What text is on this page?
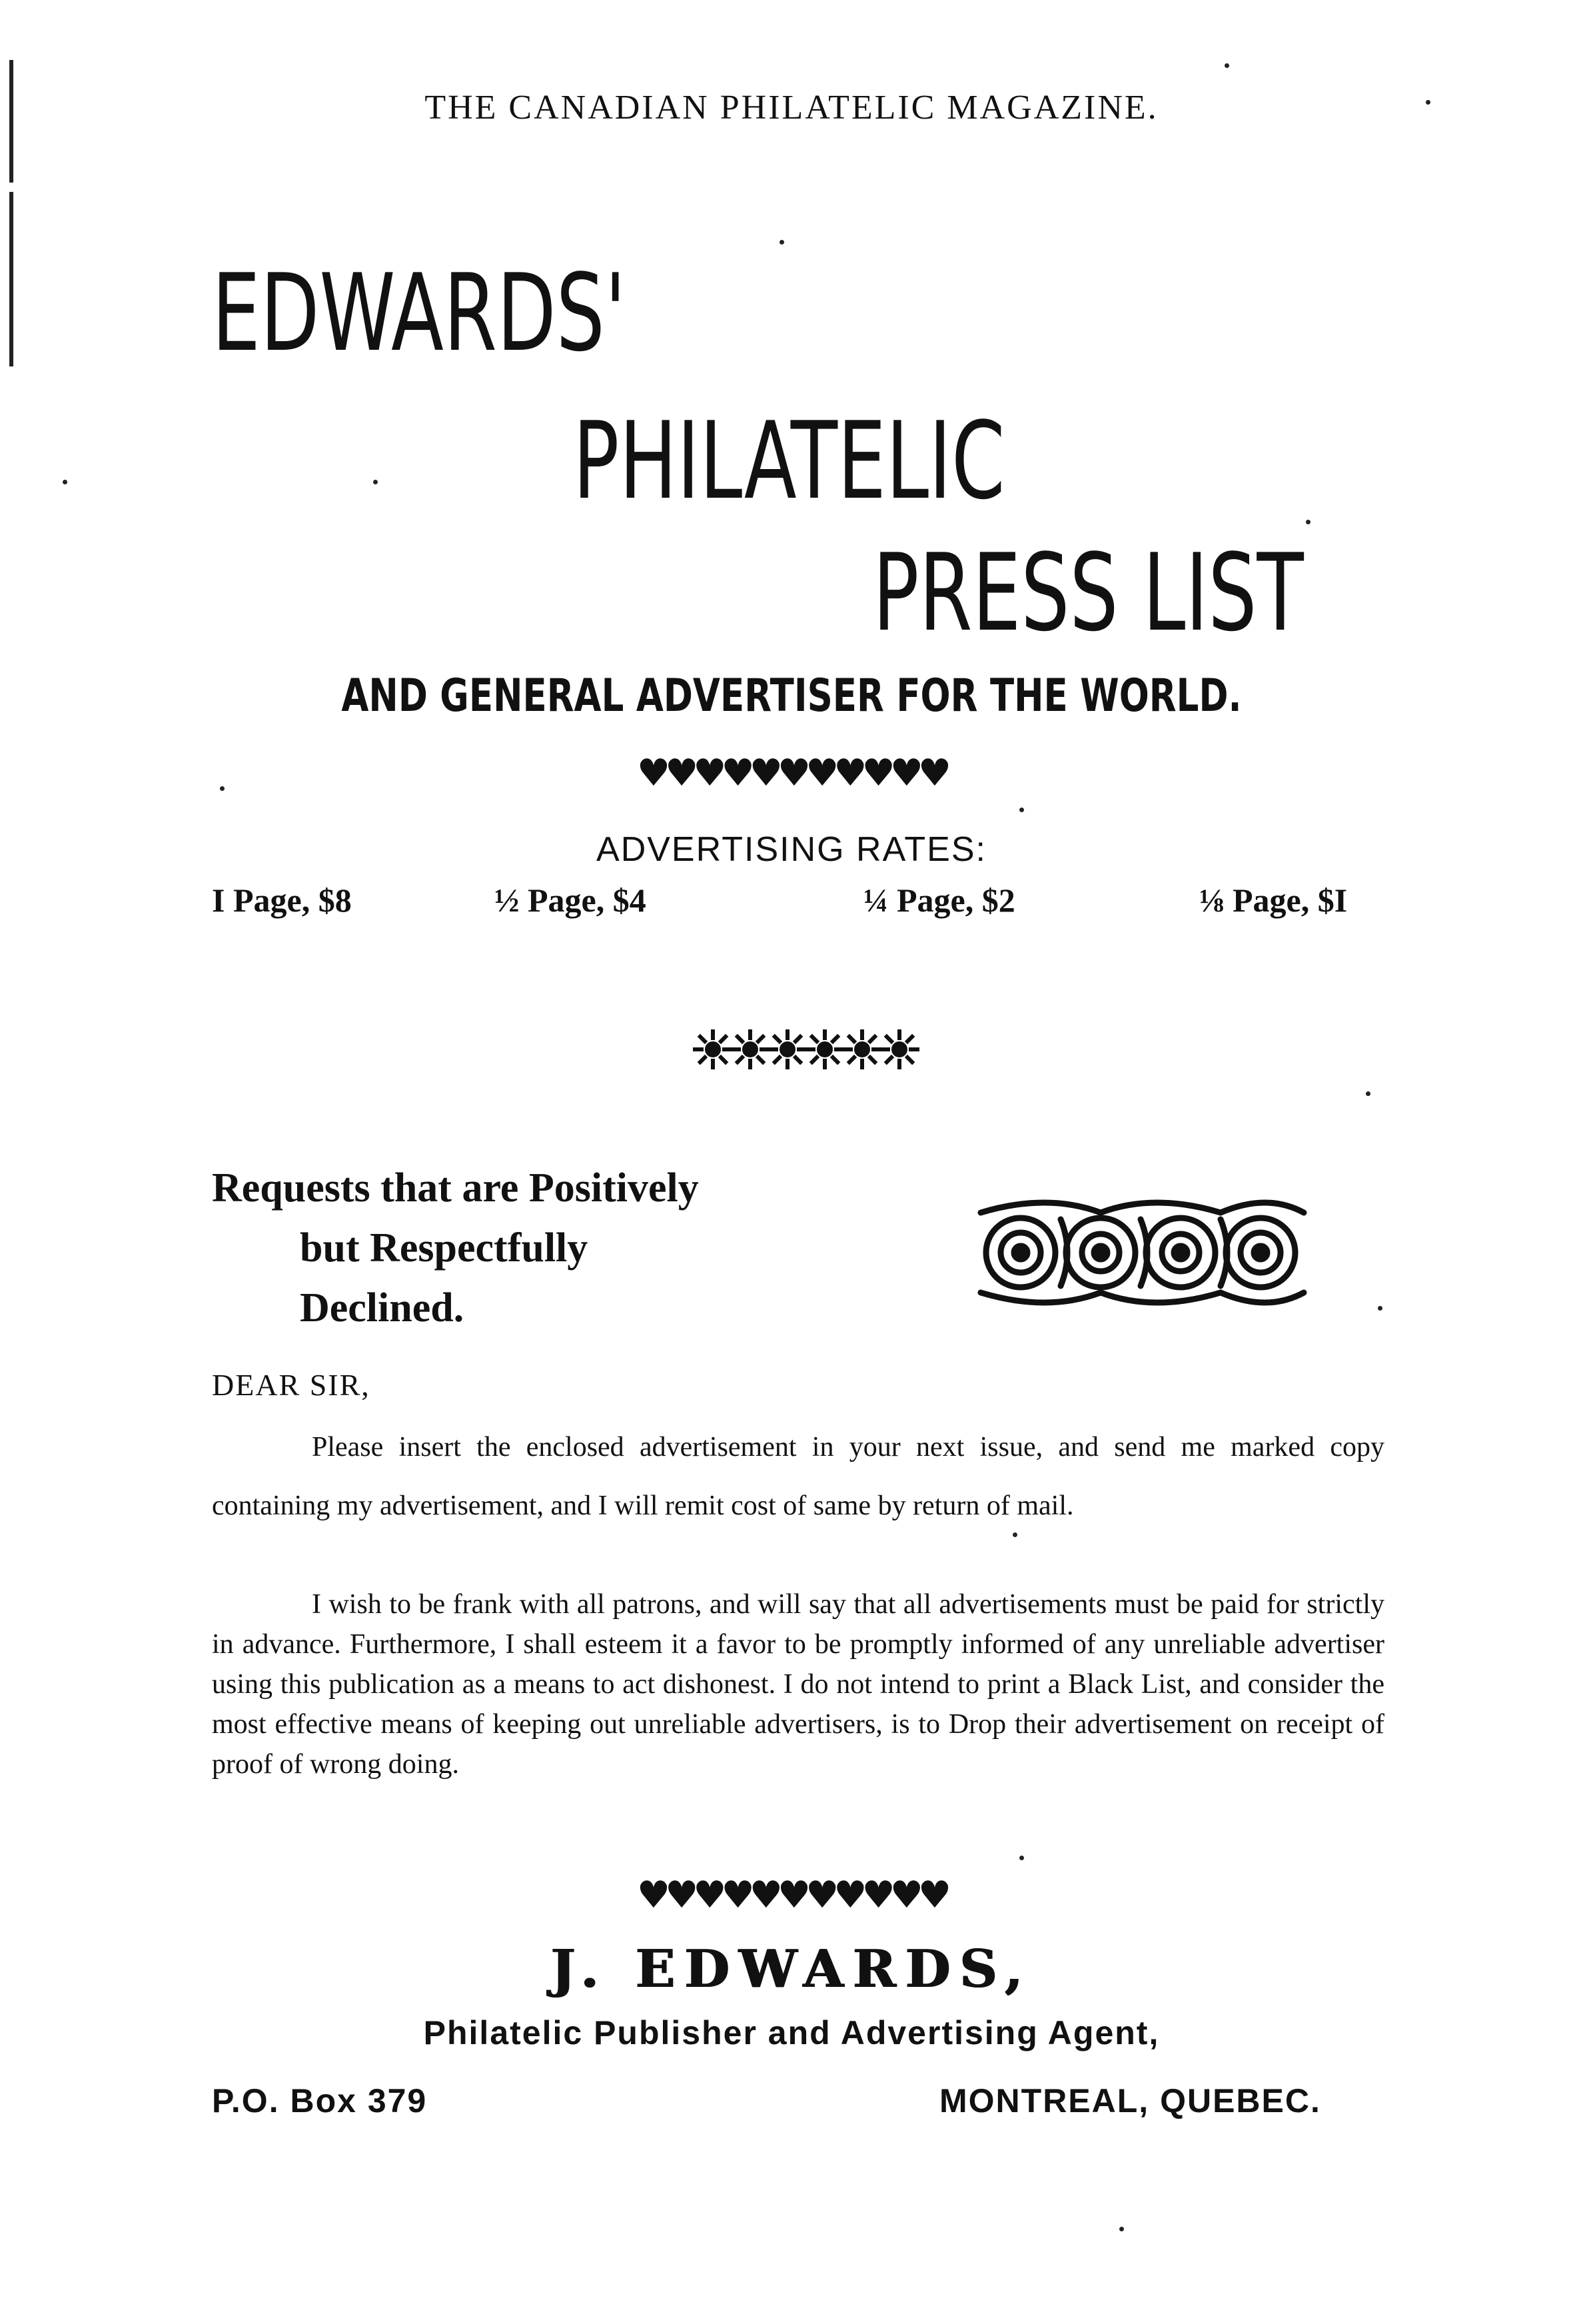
THE CANADIAN PHILATELIC MAGAZINE.
EDWARDS'
PHILATELIC
PRESS LIST
AND GENERAL ADVERTISER FOR THE WORLD.
♥♥♥♥♥♥♥♥♥♥♥
ADVERTISING RATES:
I Page, $8	½ Page, $4	¼ Page, $2	⅛ Page, $I
Requests that are Positively
but Respectfully
Declined.
DEAR SIR,
Please insert the enclosed advertisement in your next issue, and send me marked copy containing my advertisement, and I will remit cost of same by return of mail.
I wish to be frank with all patrons, and will say that all advertisements must be paid for strictly in advance. Furthermore, I shall esteem it a favor to be promptly informed of any unreliable advertiser using this publication as a means to act dishonest. I do not intend to print a Black List, and consider the most effective means of keeping out unreliable advertisers, is to Drop their advertisement on receipt of proof of wrong doing.
♥♥♥♥♥♥♥♥♥♥♥
J. EDWARDS,
Philatelic Publisher and Advertising Agent,
P.O. Box 379	MONTREAL, QUEBEC.
